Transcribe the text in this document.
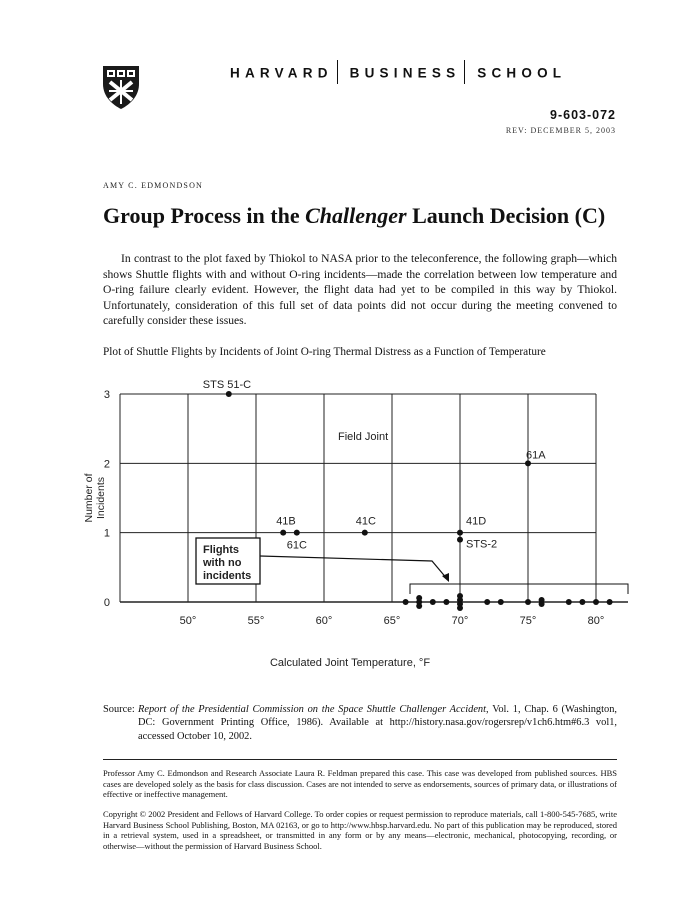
HARVARD BUSINESS SCHOOL
9-603-072
REV: DECEMBER 5, 2003
AMY C. EDMONDSON
Group Process in the Challenger Launch Decision (C)
In contrast to the plot faxed by Thiokol to NASA prior to the teleconference, the following graph—which shows Shuttle flights with and without O-ring incidents—made the correlation between low temperature and O-ring failure clearly evident. However, the flight data had yet to be compiled in this way by Thiokol. Unfortunately, consideration of this full set of data points did not occur during the meeting convened to carefully consider these issues.
Plot of Shuttle Flights by Incidents of Joint O-ring Thermal Distress as a Function of Temperature
0
1
2
3
50°	55°	60°	65°	70°	75°	80°
Number of Incidents
Calculated Joint Temperature, °F
Field Joint
Flights
with no
incidents
STS 51-C
61A
41B
61C
41C	41D
STS-2
Source: Report of the Presidential Commission on the Space Shuttle Challenger Accident, Vol. 1, Chap. 6 (Washington, DC: Government Printing Office, 1986). Available at http://history.nasa.gov/rogersrep/v1ch6.htm#6.3 vol1, accessed October 10, 2002.
Professor Amy C. Edmondson and Research Associate Laura R. Feldman prepared this case. This case was developed from published sources. HBS cases are developed solely as the basis for class discussion. Cases are not intended to serve as endorsements, sources of primary data, or illustrations of effective or ineffective management.
Copyright © 2002 President and Fellows of Harvard College. To order copies or request permission to reproduce materials, call 1-800-545-7685, write Harvard Business School Publishing, Boston, MA 02163, or go to http://www.hbsp.harvard.edu. No part of this publication may be reproduced, stored in a retrieval system, used in a spreadsheet, or transmitted in any form or by any means—electronic, mechanical, photocopying, recording, or otherwise—without the permission of Harvard Business School.
